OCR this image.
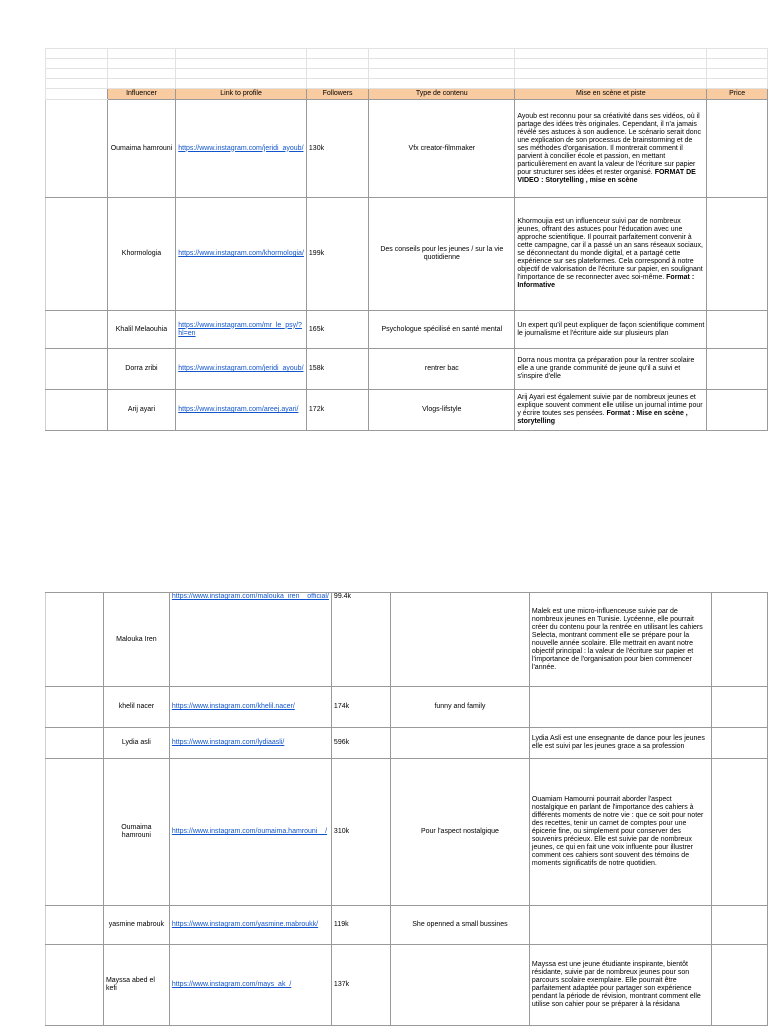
	Influencer	Link to profile	Followers	Type de contenu	Mise en scène et piste	Price
	Oumaima hamrouni	https://www.instagram.com/jeridi_ayoub/	130k	Vfx creator-filmmaker	Ayoub est reconnu pour sa créativité dans ses vidéos, où il partage des idées très originales. Cependant, il n'a jamais révélé ses astuces à son audience. Le scénario serait donc une explication de son processus de brainstorming et de ses méthodes d'organisation. Il montrerait comment il parvient à concilier école et passion, en mettant particulièrement en avant la valeur de l'écriture sur papier pour structurer ses idées et rester organisé. FORMAT DE VIDEO : Storytelling , mise en scène	
	Khormologia	https://www.instagram.com/khormologia/	199k	Des conseils pour les jeunes / sur la vie quotidienne	Khormoujia est un influenceur suivi par de nombreux jeunes, offrant des astuces pour l'éducation avec une approche scientifique. Il pourrait parfaitement convenir à cette campagne, car il a passé un an sans réseaux sociaux, se déconnectant du monde digital, et a partagé cette expérience sur ses plateformes. Cela correspond à notre objectif de valorisation de l'écriture sur papier, en soulignant l'importance de se reconnecter avec soi-même. Format : Informative	
	Khalil Melaouhia	https://www.instagram.com/mr_le_psy/?hl=en	165k	Psychologue spécilisé en santé mental	Un expert qu'il peut expliquer de façon scientifique comment le journalisme et l'écriture aide sur plusieurs plan	
	Dorra zribi	https://www.instagram.com/jeridi_ayoub/	158k	rentrer bac	Dorra nous montra ça préparation pour la rentrer scolaire elle a une grande communité de jeune qu'il a suivi et s'inspire d'elle	
	Arij ayari	https://www.instagram.com/areej.ayari/	172k	Vlogs-lifstyle	Arij Ayari est également suivie par de nombreux jeunes et explique souvent comment elle utilise un journal intime pour y écrire toutes ses pensées. Format : Mise en scène , storytelling	
	Malouka Iren	https://www.instagram.com/malouka_iren__official/	99.4k		Malek est une micro-influenceuse suivie par de nombreux jeunes en Tunisie. Lycéenne, elle pourrait créer du contenu pour la rentrée en utilisant les cahiers Selecta, montrant comment elle se prépare pour la nouvelle année scolaire. Elle mettrait en avant notre objectif principal : la valeur de l'écriture sur papier et l'importance de l'organisation pour bien commencer l'année.	
	khelil nacer	https://www.instagram.com/khelil.nacer/	174k	funny and family		
	Lydia asli	https://www.instagram.com/lydiaasli/	596k		Lydia Asli est une ensegnante de dance pour les jeunes elle est suivi par les jeunes grace a sa profession	
	Oumaima hamrouni	https://www.instagram.com/oumaima.hamrouni__/	310k	Pour l'aspect nostalgique	Ouamiam Hamourni pourrait aborder l'aspect nostalgique en parlant de l'importance des cahiers à différents moments de notre vie : que ce soit pour noter des recettes, tenir un carnet de comptes pour une épicerie fine, ou simplement pour conserver des souvenirs précieux. Elle est suivie par de nombreux jeunes, ce qui en fait une voix influente pour illustrer comment ces cahiers sont souvent des témoins de moments significatifs de notre quotidien.	
	yasmine mabrouk	https://www.instagram.com/yasmine.mabroukk/	119k	She openned a small bussines		
	Mayssa abed el kefi	https://www.instagram.com/mays_ak_/	137k		Mayssa est une jeune étudiante inspirante, bientôt résidante, suivie par de nombreux jeunes pour son parcours scolaire exemplaire. Elle pourrait être parfaitement adaptée pour partager son expérience pendant la période de révision, montrant comment elle utilise son cahier pour se préparer à la résidana	
